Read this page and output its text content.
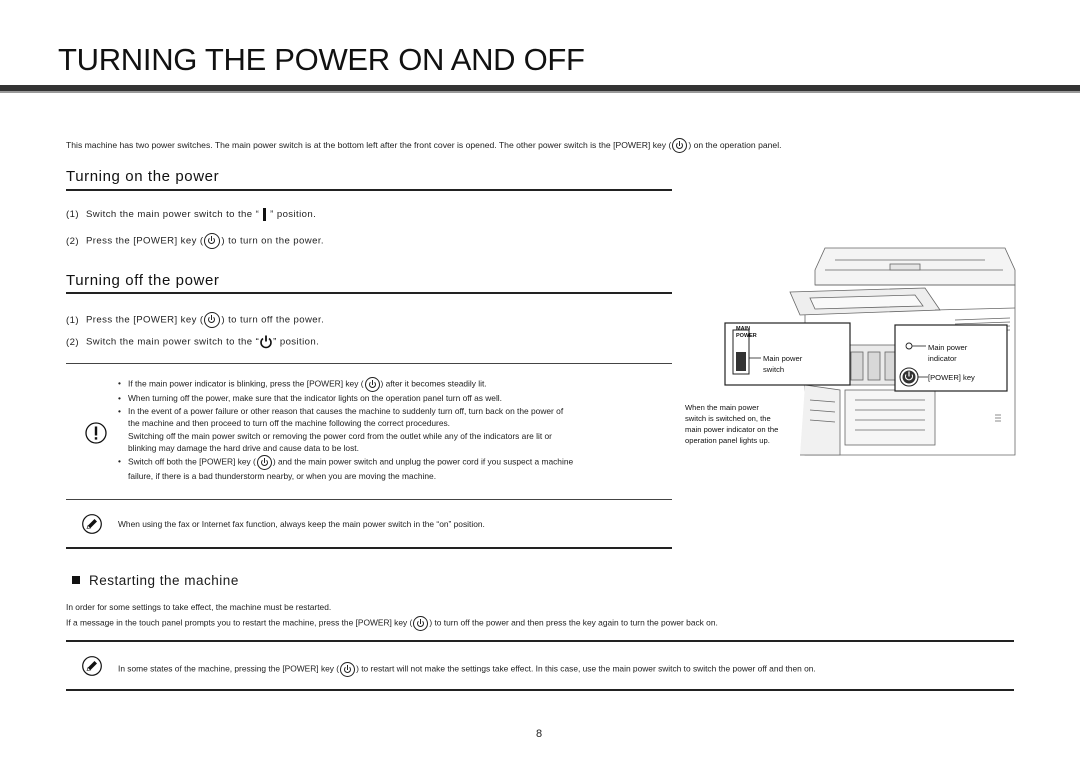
TURNING THE POWER ON AND OFF
This machine has two power switches. The main power switch is at the bottom left after the front cover is opened. The other power switch is the [POWER] key ( ) on the operation panel.
Turning on the power
(1) Switch the main power switch to the “ ” position.
(2) Press the [POWER] key ( ) to turn on the power.
Turning off the power
(1) Press the [POWER] key ( ) to turn off the power.
(2) Switch the main power switch to the “ ” position.
• If the main power indicator is blinking, press the [POWER] key ( ) after it becomes steadily lit.
• When turning off the power, make sure that the indicator lights on the operation panel turn off as well.
• In the event of a power failure or other reason that causes the machine to suddenly turn off, turn back on the power of
the machine and then proceed to turn off the machine following the correct procedures.
Switching off the main power switch or removing the power cord from the outlet while any of the indicators are lit or
blinking may damage the hard drive and cause data to be lost.
• Switch off both the [POWER] key ( ) and the main power switch and unplug the power cord if you suspect a machine
failure, if there is a bad thunderstorm nearby, or when you are moving the machine.
When using the fax or Internet fax function, always keep the main power switch in the “on” position.
Restarting the machine
In order for some settings to take effect, the machine must be restarted.
If a message in the touch panel prompts you to restart the machine, press the [POWER] key ( ) to turn off the power and then press the key again to turn the power back on.
In some states of the machine, pressing the [POWER] key ( ) to restart will not make the settings take effect. In this case, use the main power switch to switch the power off and then on.
8
MAIN
POWER
Main power
switch
Main power
indicator
[POWER] key
When the main power
switch is switched on, the
main power indicator on the
operation panel lights up.
